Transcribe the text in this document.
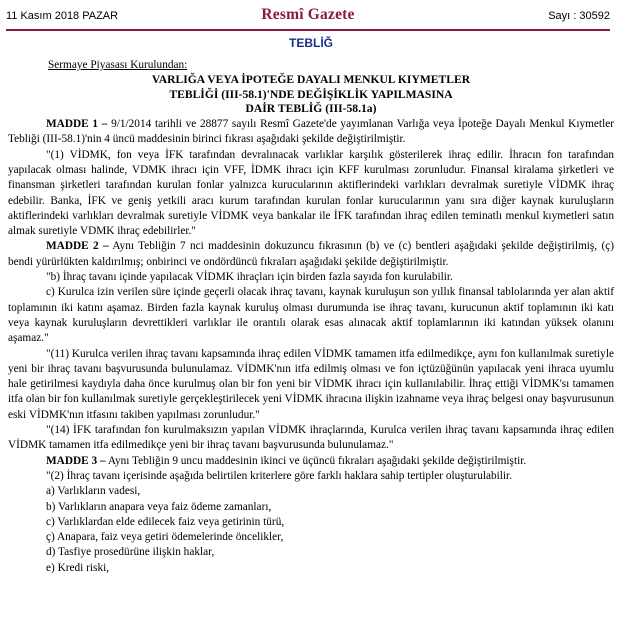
11 Kasım 2018 PAZAR	Resmî Gazete	Sayı : 30592
TEBLİĞ
Sermaye Piyasası Kurulundan:
VARLIĞA VEYA İPOTEĞE DAYALI MENKUL KIYMETLER
TEBLİĞİ (III-58.1)'NDE DEĞİŞİKLİK YAPILMASINA
DAİR TEBLİĞ (III-58.1a)

MADDE 1 – 9/1/2014 tarihli ve 28877 sayılı Resmî Gazete'de yayımlanan Varlığa veya İpoteğe Dayalı Menkul Kıymetler Tebliği (III-58.1)'nin 4 üncü maddesinin birinci fıkrası aşağıdaki şekilde değiştirilmiştir.

"(1) VİDMK, fon veya İFK tarafından devralınacak varlıklar karşılık gösterilerek ihraç edilir. İhracın fon tarafından yapılacak olması halinde, VDMK ihracı için VFF, İDMK ihracı için KFF kurulması zorunludur. Finansal kiralama şirketleri ve finansman şirketleri tarafından kurulan fonlar yalnızca kurucularının aktiflerindeki varlıkları devralmak suretiyle VİDMK ihraç edebilir. Banka, İFK ve geniş yetkili aracı kurum tarafından kurulan fonlar kurucularının yanı sıra diğer kaynak kuruluşların aktiflerindeki varlıkları devralmak suretiyle VİDMK veya bankalar ile İFK tarafından ihraç edilen teminatlı menkul kıymetleri satın almak suretiyle VDMK ihraç edebilirler."

MADDE 2 – Aynı Tebliğin 7 nci maddesinin dokuzuncu fıkrasının (b) ve (c) bentleri aşağıdaki şekilde değiştirilmiş, (ç) bendi yürürlükten kaldırılmış; onbirinci ve ondördüncü fıkraları aşağıdaki şekilde değiştirilmiştir.

"b) İhraç tavanı içinde yapılacak VİDMK ihraçları için birden fazla sayıda fon kurulabilir.

c) Kurulca izin verilen süre içinde geçerli olacak ihraç tavanı, kaynak kuruluşun son yıllık finansal tablolarında yer alan aktif toplamının iki katını aşamaz. Birden fazla kaynak kuruluş olması durumunda ise ihraç tavanı, kurucunun aktif toplamının iki katı veya kaynak kuruluşların devrettikleri varlıklar ile orantılı olarak esas alınacak aktif toplamlarının iki katından yüksek olanını aşamaz."

"(11) Kurulca verilen ihraç tavanı kapsamında ihraç edilen VİDMK tamamen itfa edilmedikçe, aynı fon kullanılmak suretiyle yeni bir ihraç tavanı başvurusunda bulunulamaz. VİDMK'nın itfa edilmiş olması ve fon içtüzüğünün yapılacak yeni ihraca uyumlu hale getirilmesi kaydıyla daha önce kurulmuş olan bir fon yeni bir VİDMK ihracı için kullanılabilir. İhraç ettiği VİDMK'sı tamamen itfa olan bir fon kullanılmak suretiyle gerçekleştirilecek yeni VİDMK ihracına ilişkin izahname veya ihraç belgesi onay başvurusunun eski VİDMK'nın itfasını takiben yapılması zorunludur."

"(14) İFK tarafından fon kurulmaksızın yapılan VİDMK ihraçlarında, Kurulca verilen ihraç tavanı kapsamında ihraç edilen VİDMK tamamen itfa edilmedikçe yeni bir ihraç tavanı başvurusunda bulunulamaz."

MADDE 3 – Aynı Tebliğin 9 uncu maddesinin ikinci ve üçüncü fıkraları aşağıdaki şekilde değiştirilmiştir.

"(2) İhraç tavanı içerisinde aşağıda belirtilen kriterlere göre farklı haklara sahip tertipler oluşturulabilir.

a) Varlıkların vadesi,
b) Varlıkların anapara veya faiz ödeme zamanları,
c) Varlıklardan elde edilecek faiz veya getirinin türü,
ç) Anapara, faiz veya getiri ödemelerinde öncelikler,
d) Tasfiye prosedürüne ilişkin haklar,
e) Kredi riski,
